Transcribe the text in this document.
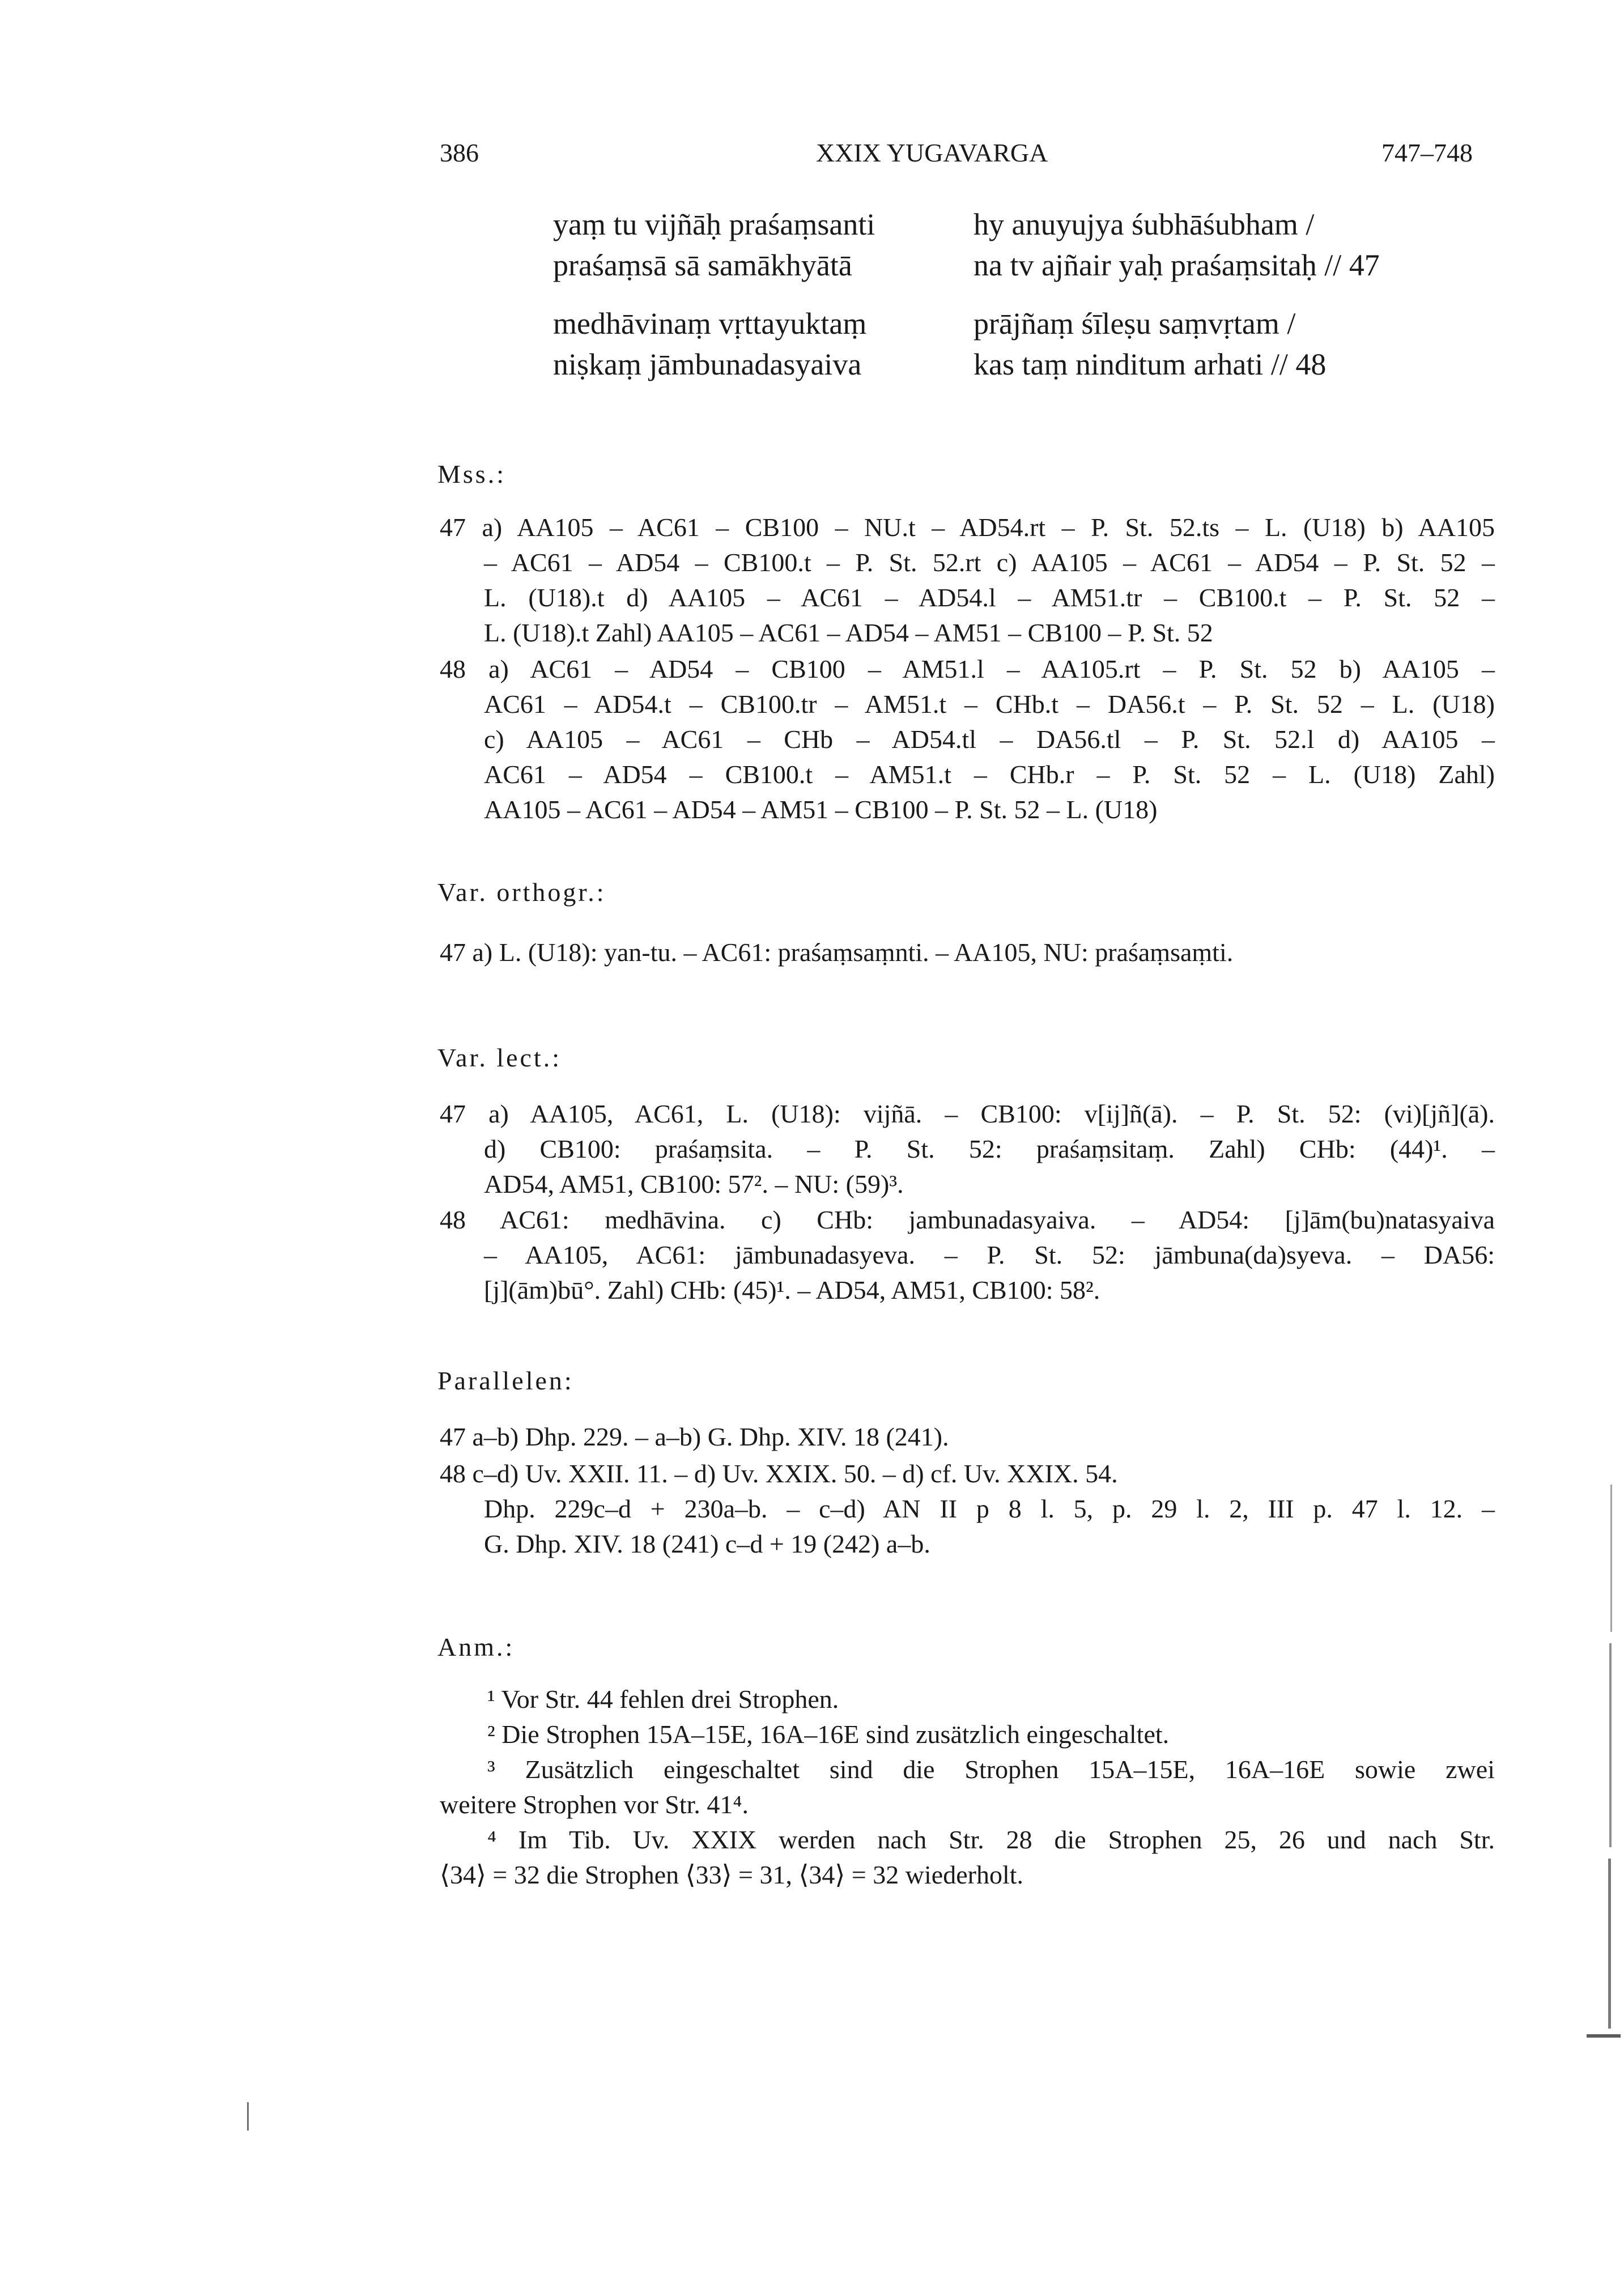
386	XXIX YUGAVARGA	747–748
yaṃ tu vijñāḥ praśaṃsanti
praśaṃsā sā samākhyātā
hy anuyujya śubhāśubham /
na tv ajñair yaḥ praśaṃsitaḥ // 47
medhāvinaṃ vṛttayuktaṃ
niṣkaṃ jāmbunadasyaiva
prājñaṃ śīleṣu saṃvṛtam /
kas taṃ ninditum arhati // 48
Mss.:
47 a) AA105 – AC61 – CB100 – NU.t – AD54.rt – P. St. 52.ts – L. (U18) b) AA105
– AC61 – AD54 – CB100.t – P. St. 52.rt c) AA105 – AC61 – AD54 – P. St. 52 –
L. (U18).t d) AA105 – AC61 – AD54.l – AM51.tr – CB100.t – P. St. 52 –
L. (U18).t Zahl) AA105 – AC61 – AD54 – AM51 – CB100 – P. St. 52
48 a) AC61 – AD54 – CB100 – AM51.l – AA105.rt – P. St. 52 b) AA105 –
AC61 – AD54.t – CB100.tr – AM51.t – CHb.t – DA56.t – P. St. 52 – L. (U18)
c) AA105 – AC61 – CHb – AD54.tl – DA56.tl – P. St. 52.l d) AA105 –
AC61 – AD54 – CB100.t – AM51.t – CHb.r – P. St. 52 – L. (U18) Zahl)
AA105 – AC61 – AD54 – AM51 – CB100 – P. St. 52 – L. (U18)
Var. orthogr.:
47 a) L. (U18): yan-tu. – AC61: praśaṃsaṃnti. – AA105, NU: praśaṃsaṃti.
Var. lect.:
47 a) AA105, AC61, L. (U18): vijñā. – CB100: v[ij]ñ(ā). – P. St. 52: (vi)[jñ](ā).
d) CB100: praśaṃsita. – P. St. 52: praśaṃsitaṃ. Zahl) CHb: (44)¹. –
AD54, AM51, CB100: 57². – NU: (59)³.
48 AC61: medhāvina. c) CHb: jambunadasyaiva. – AD54: [j]ām(bu)natasyaiva
– AA105, AC61: jāmbunadasyeva. – P. St. 52: jāmbuna(da)syeva. – DA56:
[j](ām)bū°. Zahl) CHb: (45)¹. – AD54, AM51, CB100: 58².
Parallelen:
47 a–b) Dhp. 229. – a–b) G. Dhp. XIV. 18 (241).
48 c–d) Uv. XXII. 11. – d) Uv. XXIX. 50. – d) cf. Uv. XXIX. 54.
Dhp. 229c–d + 230a–b. – c–d) AN II p 8 l. 5, p. 29 l. 2, III p. 47 l. 12. –
G. Dhp. XIV. 18 (241) c–d + 19 (242) a–b.
Anm.:
¹ Vor Str. 44 fehlen drei Strophen.
² Die Strophen 15A–15E, 16A–16E sind zusätzlich eingeschaltet.
³ Zusätzlich eingeschaltet sind die Strophen 15A–15E, 16A–16E sowie zwei
weitere Strophen vor Str. 41⁴.
⁴ Im Tib. Uv. XXIX werden nach Str. 28 die Strophen 25, 26 und nach Str.
⟨34⟩ = 32 die Strophen ⟨33⟩ = 31, ⟨34⟩ = 32 wiederholt.
